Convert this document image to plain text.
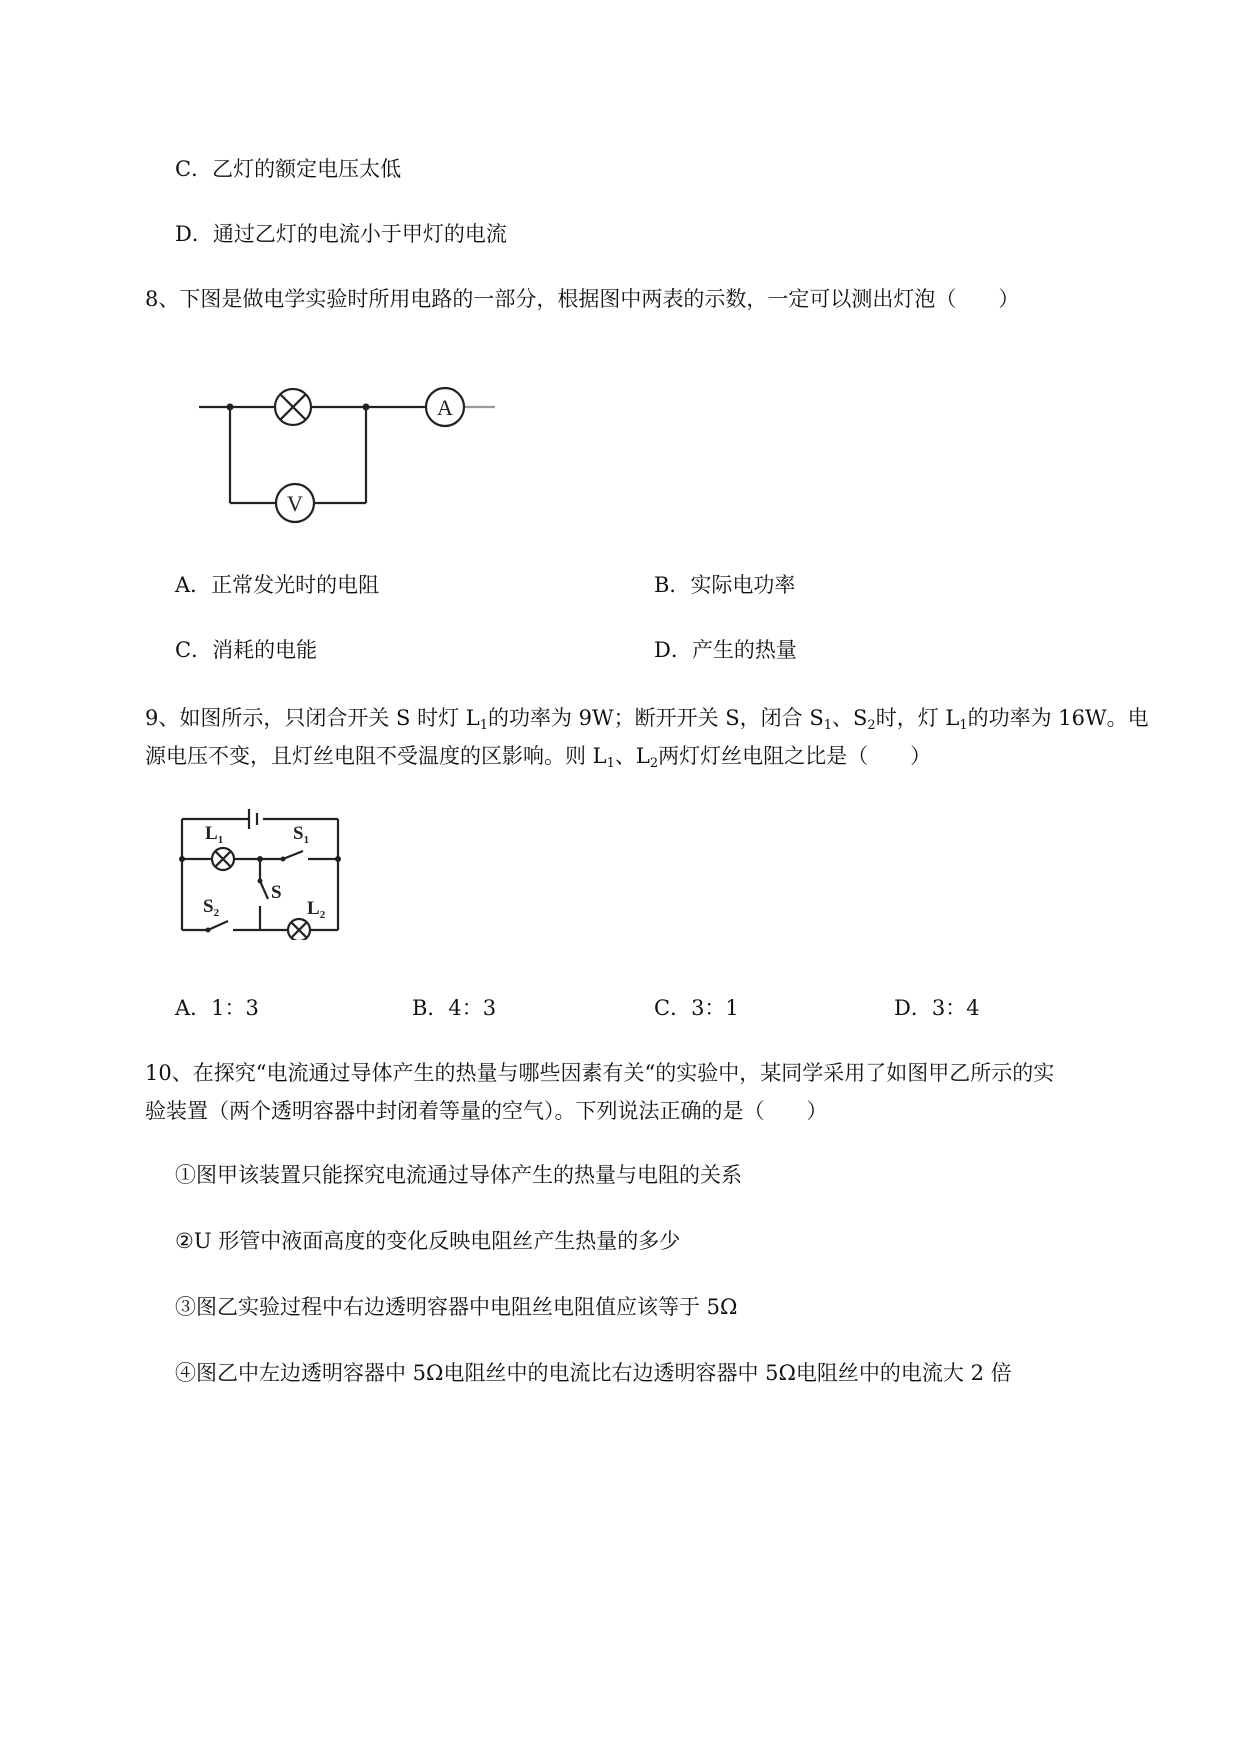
C．乙灯的额定电压太低
D．通过乙灯的电流小于甲灯的电流
8、下图是做电学实验时所用电路的一部分，根据图中两表的示数，一定可以测出灯泡（　　）
A
V
A．正常发光时的电阻	B．实际电功率
C．消耗的电能	D．产生的热量
9、如图所示，只闭合开关 S 时灯 $L_1$的功率为 9W；断开开关 S，闭合 $S_1$、$S_2$时，灯 $L_1$的功率为 16W。电
源电压不变，且灯丝电阻不受温度的区影响。则 $L_1$、$L_2$两灯灯丝电阻之比是（　　）
$L_1$	$S_1$
S
$S_2$	$L_2$
A．1：3	B．4：3	C．3：1	D．3：4
10、在探究“电流通过导体产生的热量与哪些因素有关“的实验中，某同学采用了如图甲乙所示的实
验装置（两个透明容器中封闭着等量的空气）。下列说法正确的是（　　）
①图甲该装置只能探究电流通过导体产生的热量与电阻的关系
②U 形管中液面高度的变化反映电阻丝产生热量的多少
③图乙实验过程中右边透明容器中电阻丝电阻值应该等于 5Ω
④图乙中左边透明容器中 5Ω电阻丝中的电流比右边透明容器中 5Ω电阻丝中的电流大 2 倍
